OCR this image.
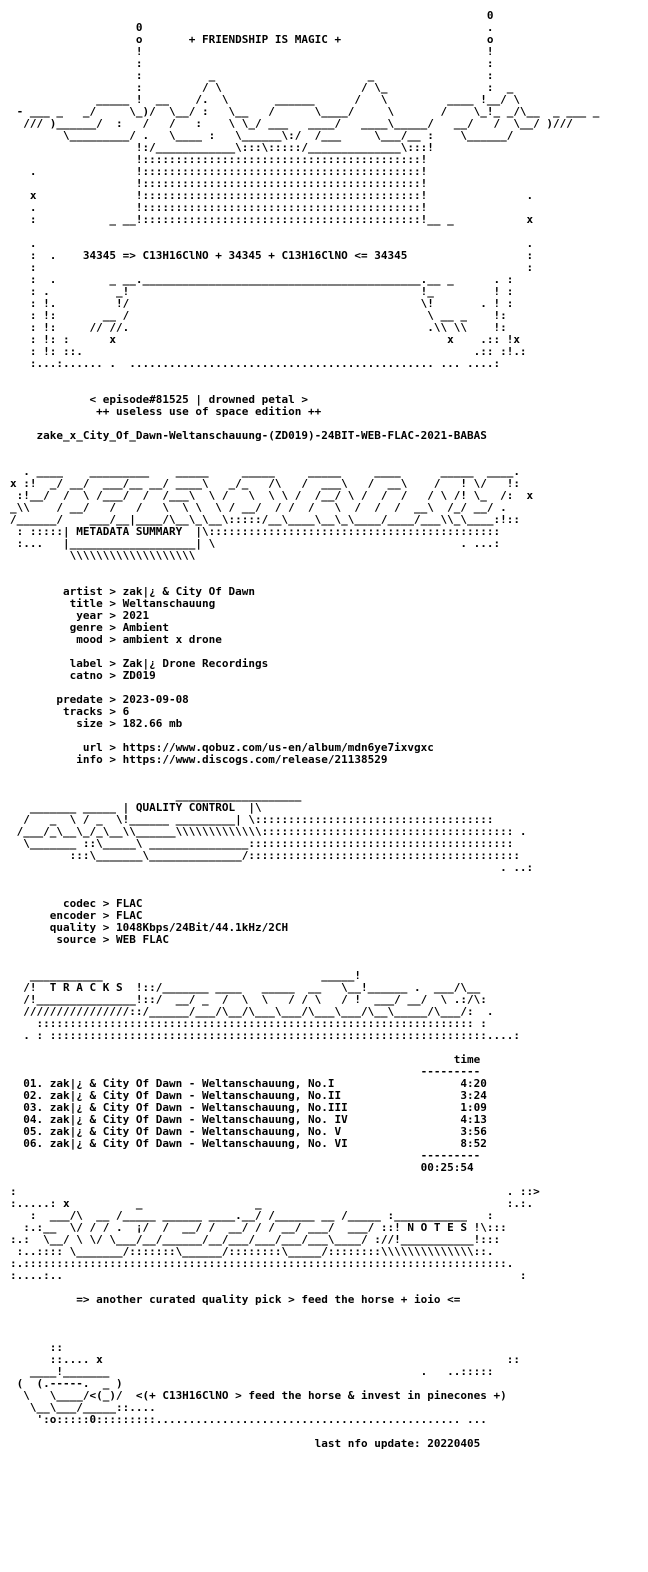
0
0                                                    .
o       + FRIENDSHIP IS MAGIC +                      o
!                                                    !
:                                                    :
:          _                       _                 :
:         / \                     / \_               :  _
_____ !  __    /.  \       ______      /   \         ____ !__/ \
- ___ _   _/     \_)/  \__/ :   \__   /      \____/     \       /    \_!_ _/\__  _ ___ _
/// )______/  :   /   /   :    \ \_/ ___   ____/   ____\_____/   __/   /  \__/ )///
\_________/ .   \____ :   \______\:/  /___     \___/__ :    \______/
!:/____________\:::\:::::/______________\:::!
!::::::::::::::::::::::::::::::::::::::::::!
.               !::::::::::::::::::::::::::::::::::::::::::!
!::::::::::::::::::::::::::::::::::::::::::!
x               !::::::::::::::::::::::::::::::::::::::::::!               .
.               !::::::::::::::::::::::::::::::::::::::::::!
:           _ __!::::::::::::::::::::::::::::::::::::::::::!__ _           x

.                                                                          .
:  .    34345 => C13H16ClNO + 34345 + C13H16ClNO <= 34345                  :
:                                                                          :
:  .        _ __.__________________________________________.__ _      . :
: .          _!                                            !_         ! :
: !.         !/                                            \!       . ! :
: !:       __ /                                             \ __ _    !:
: !:     // //.                                             .\\ \\    !:
: !: :      x                                                  x    .:: !x
: !: ::.                                                           .:: :!.:
:...:...... .  .............................................. ... ....:

< episode#81525 | drowned petal >
++ useless use of space edition ++

zake_x_City_Of_Dawn-Weltanschauung-(ZD019)-24BIT-WEB-FLAC-2021-BABAS

. ____    _________    _____     _____     _____     ____      _____  ____.
x :!  _/ __/  ___/__ __/ ____\   _/_   /\   /  ___\   /  __\    /   ! \/   !:
:!__/  /  \ /___/  /  /___\  \ /   \  \ \ /  /__/ \ /  /  /   / \ /! \_  /:  x
_\\    / __/   /   /   \  \ \  \ / __/  / /  /   \  /  /  /  __\  /_/ __/ .
/______/    ___/__|____/\__\_\__\:::::/__\____\__\_\____/____/___\\_\____:!::
: :::::| METADATA SUMMARY  |\::::::::::::::::::::::::::::::::::::::::::::
:...   |___________________| \                                     . ...:
\\\\\\\\\\\\\\\\\\\

artist > zak|¿ & City Of Dawn
title > Weltanschauung
year > 2021
genre > Ambient
mood > ambient x drone

label > Zak|¿ Drone Recordings
catno > ZD019

predate > 2023-09-08
tracks > 6
size > 182.66 mb

url > https://www.qobuz.com/us-en/album/mdn6ye7ixvgxc
info > https://www.discogs.com/release/21138529

___________________
_______ _____ | QUALITY CONTROL  |\
/   _  \ / _  \!______ _________| \::::::::::::::::::::::::::::::::::::
/___/_\__\_/_\__\\______\\\\\\\\\\\\\:::::::::::::::::::::::::::::::::::::: .
\_______ ::\_____\ _______________::::::::::::::::::::::::::::::::::::::::
:::\_______\______________/:::::::::::::::::::::::::::::::::::::::::
. ..:

codec > FLAC
encoder > FLAC
quality > 1048Kbps/24Bit/44.1kHz/2CH
source > WEB FLAC

___________                                 _____!
/!  T R A C K S  !::/_______ ____   _____  __   \__!______ .  ___/\__
/!_______________!::/  __/ _  /  \  \   / / \   / !  ___/ __/  \ .:/\:
////////////////::/______/___/\__/\___\___/\___\___/\__\_____/\___/:  .
:::::::::::::::::::::::::::::::::::::::::::::::::::::::::::::::::: :
. : ::::::::::::::::::::::::::::::::::::::::::::::::::::::::::::::::::....:

time
---------
01. zak|¿ & City Of Dawn - Weltanschauung, No.I                   4:20
02. zak|¿ & City Of Dawn - Weltanschauung, No.II                  3:24
03. zak|¿ & City Of Dawn - Weltanschauung, No.III                 1:09
04. zak|¿ & City Of Dawn - Weltanschauung, No. IV                 4:13
05. zak|¿ & City Of Dawn - Weltanschauung, No. V                  3:56
06. zak|¿ & City Of Dawn - Weltanschauung, No. VI                 8:52
---------
00:25:54

:                                                                          . ::>
:.....: x          _                 _                                     :.:.
:  ___/\  __ /_____ ______ ____.__/ /______ __ /_____ :___________   :
:.:__  \/ / / .  ¡/  /  __/ /  __/ / / __/ ___/  ___/ ::! N O T E S !\:::
:.:  \__/ \ \/ \___/__/______/__/___/___/___/___\____/ ://!___________!:::
:..:::: \_______/:::::::\______/::::::::\_____/::::::::\\\\\\\\\\\\\\::.
:.:::::::::::::::::::::::::::::::::::::::::::::::::::::::::::::::::::::::::.
:....:..                                                                     :

=> another curated quality pick > feed the horse + ioio <=

::
::.... x                                                             ::
____!_______                                               .   ..:::::
(  (.-----.  _ )
\   \____/<(_)/  <(+ C13H16ClNO > feed the horse & invest in pinecones +)
\__\___/_____::....
':o:::::0:::::::::.............................................. ...

last nfo update: 20220405
